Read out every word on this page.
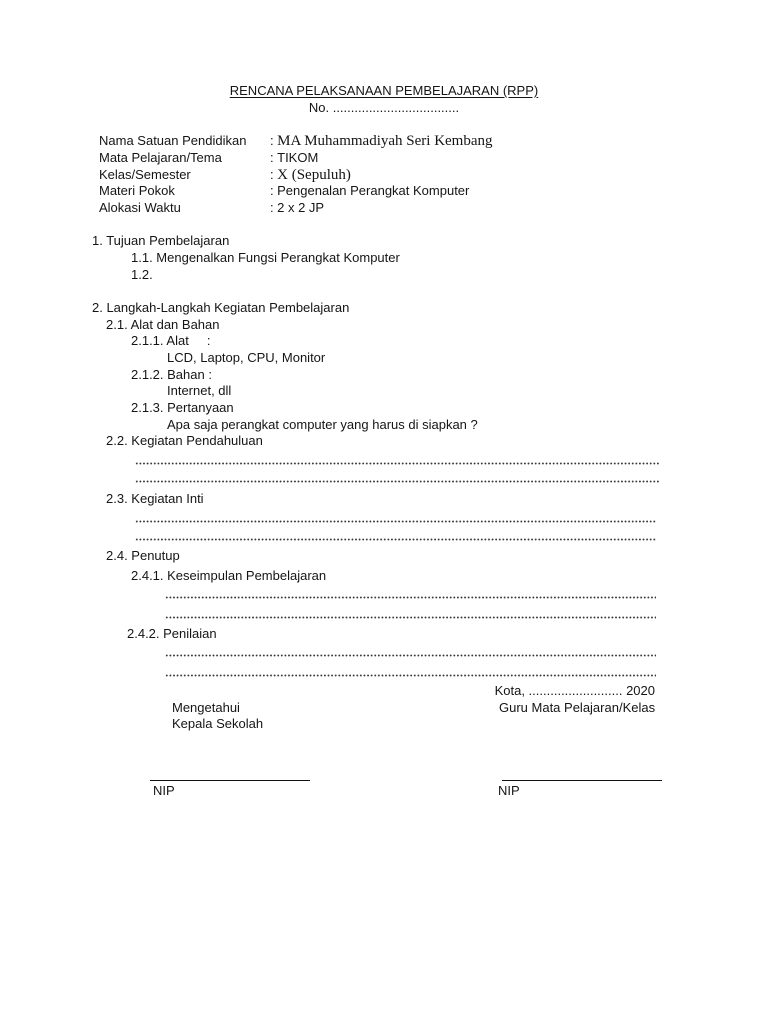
RENCANA PELAKSANAAN PEMBELAJARAN (RPP)
No. ...................................
Nama Satuan Pendidikan	: MA Muhammadiyah Seri Kembang
Mata Pelajaran/Tema	: TIKOM
Kelas/Semester	: X (Sepuluh)
Materi Pokok	: Pengenalan Perangkat Komputer
Alokasi Waktu	: 2 x 2 JP
1. Tujuan Pembelajaran
1.1. Mengenalkan Fungsi Perangkat Komputer
1.2.
2. Langkah-Langkah Kegiatan Pembelajaran
2.1. Alat dan Bahan
2.1.1. Alat     :
LCD, Laptop, CPU, Monitor
2.1.2. Bahan :
Internet, dll
2.1.3. Pertanyaan
Apa saja perangkat computer yang harus di siapkan ?
2.2. Kegiatan Pendahuluan
2.3. Kegiatan Inti
2.4. Penutup
2.4.1. Keseimpulan Pembelajaran
2.4.2. Penilaian
Kota, .......................... 2020
Mengetahui	Guru Mata Pelajaran/Kelas
Kepala Sekolah
NIP	NIP
